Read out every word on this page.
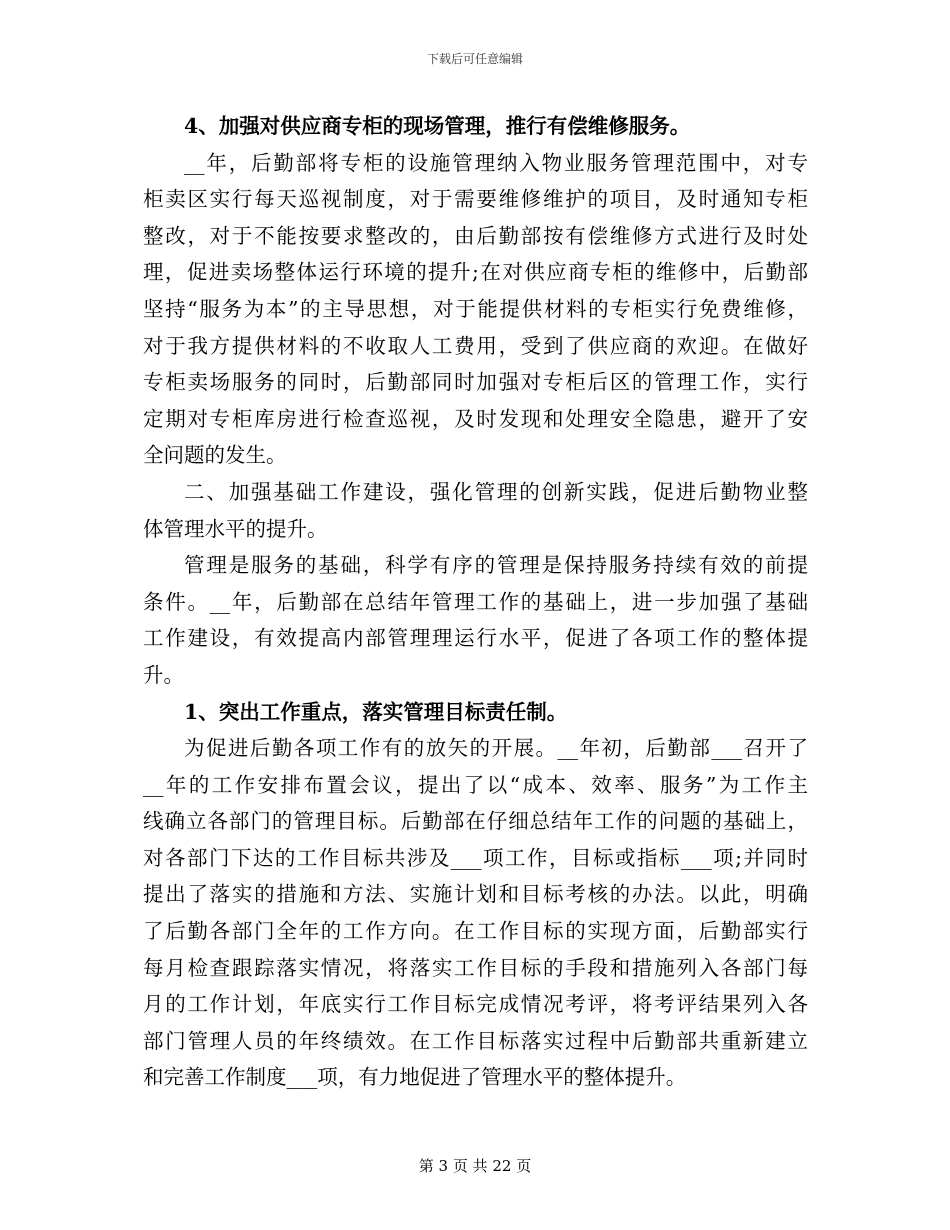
下载后可任意编辑
4、加强对供应商专柜的现场管理，推行有偿维修服务。
__年，后勤部将专柜的设施管理纳入物业服务管理范围中，对专
柜卖区实行每天巡视制度，对于需要维修维护的项目，及时通知专柜
整改，对于不能按要求整改的，由后勤部按有偿维修方式进行及时处
理，促进卖场整体运行环境的提升;在对供应商专柜的维修中，后勤部
坚持“服务为本”的主导思想，对于能提供材料的专柜实行免费维修，
对于我方提供材料的不收取人工费用，受到了供应商的欢迎。在做好
专柜卖场服务的同时，后勤部同时加强对专柜后区的管理工作，实行
定期对专柜库房进行检查巡视，及时发现和处理安全隐患，避开了安
全问题的发生。
二、加强基础工作建设，强化管理的创新实践，促进后勤物业整
体管理水平的提升。
管理是服务的基础，科学有序的管理是保持服务持续有效的前提
条件。__年，后勤部在总结年管理工作的基础上，进一步加强了基础
工作建设，有效提高内部管理理运行水平，促进了各项工作的整体提
升。
1、突出工作重点，落实管理目标责任制。
为促进后勤各项工作有的放矢的开展。__年初，后勤部___召开了
__年的工作安排布置会议，提出了以“成本、效率、服务”为工作主
线确立各部门的管理目标。后勤部在仔细总结年工作的问题的基础上，
对各部门下达的工作目标共涉及___项工作，目标或指标___项;并同时
提出了落实的措施和方法、实施计划和目标考核的办法。以此，明确
了后勤各部门全年的工作方向。在工作目标的实现方面，后勤部实行
每月检查跟踪落实情况，将落实工作目标的手段和措施列入各部门每
月的工作计划，年底实行工作目标完成情况考评，将考评结果列入各
部门管理人员的年终绩效。在工作目标落实过程中后勤部共重新建立
和完善工作制度___项，有力地促进了管理水平的整体提升。
第 3 页 共 22 页
